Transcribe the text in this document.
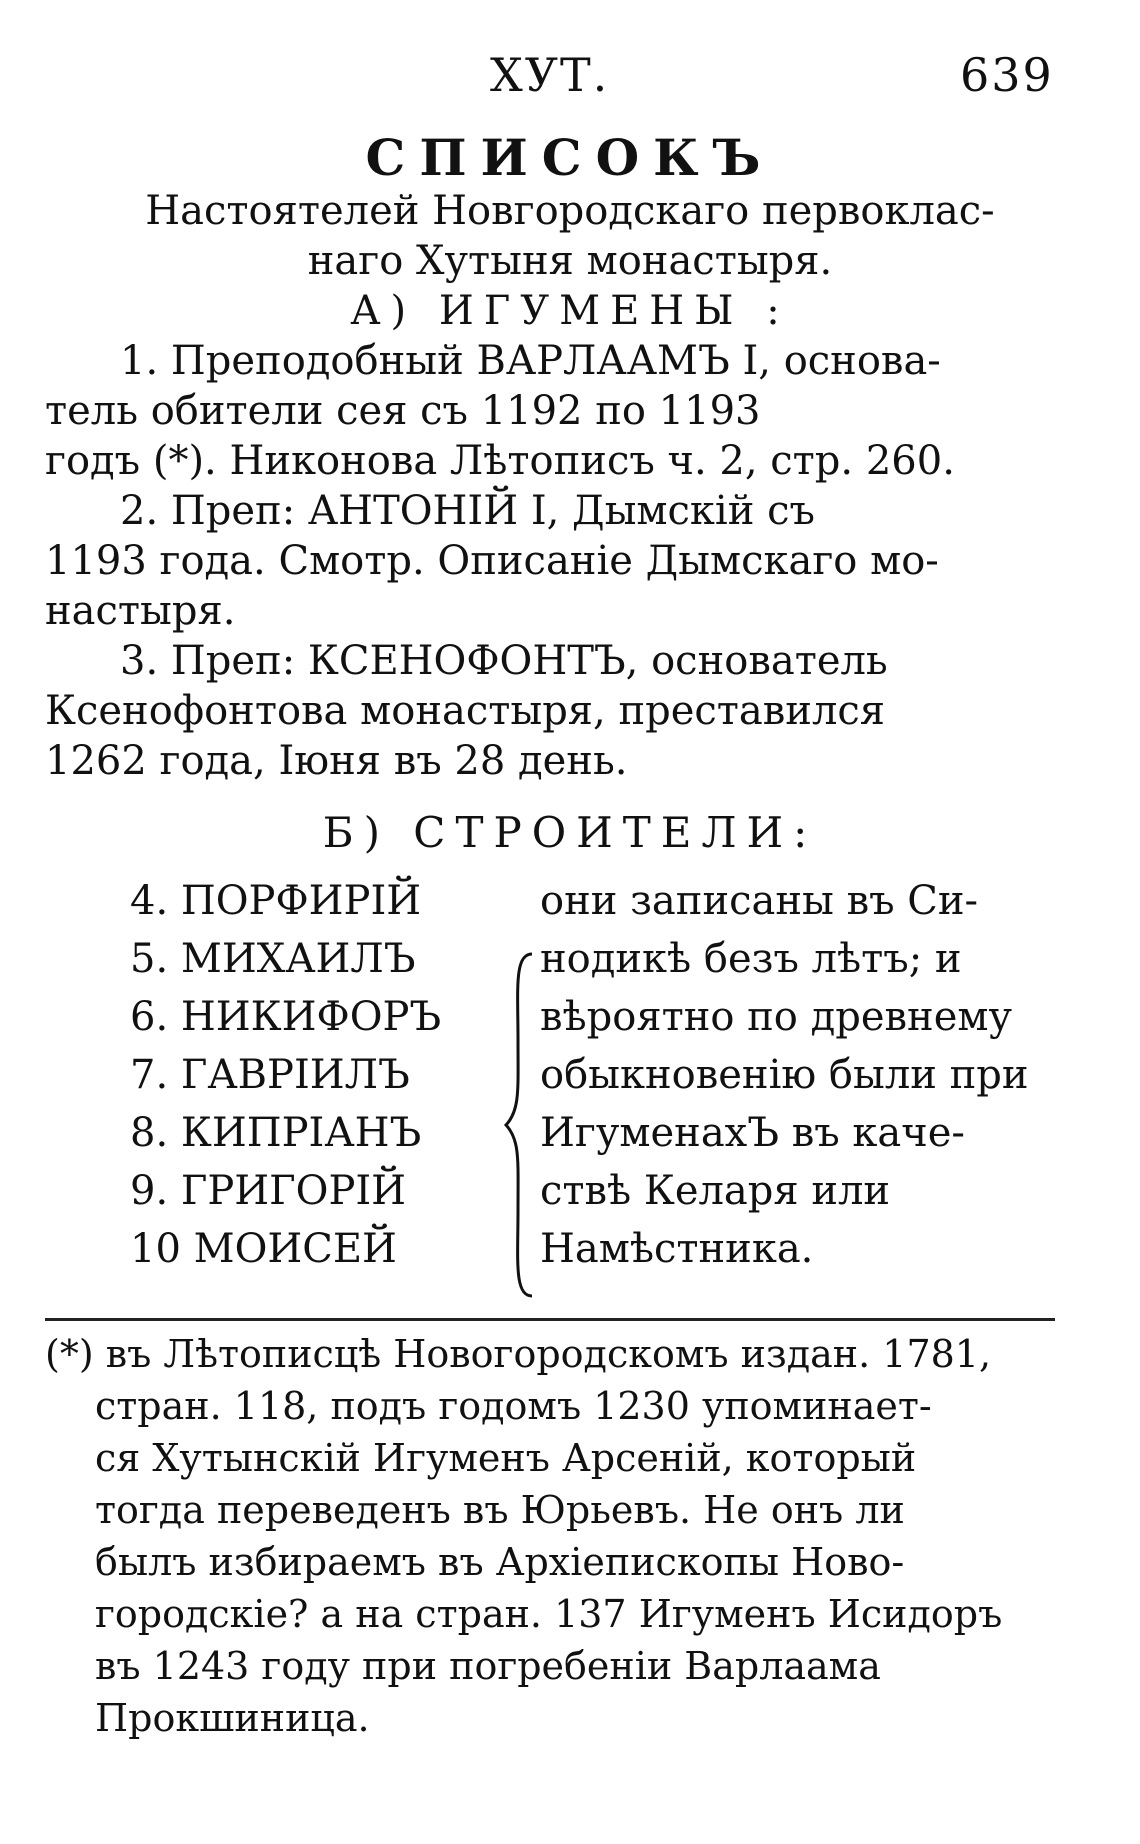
ХУТ.	639
СПИСОКЪ
Настоятелей Новгородскаго первоклас-
наго Хутыня монастыря.
А) ИГУМЕНЫ :
1. Преподобный ВАРЛААМЪ I, основа-
тель обители сея съ 1192 по 1193
годъ (*). Никонова Лѣтописъ ч. 2, стр. 260.
2. Преп: АНТОНІЙ I, Дымскій съ
1193 года. Смотр. Описаніе Дымскаго мо-
настыря.
3. Преп: КСЕНОФОНТЪ, основатель
Ксенофонтова монастыря, преставился
1262 года, Іюня въ 28 день.
Б) СТРОИТЕЛИ:
4. ПОРФИРІЙ	они записаны въ Си-
5. МИХАИЛЪ	нодикѣ безъ лѣтъ; и
6. НИКИФОРЪ	вѣроятно по древнему
7. ГАВРІИЛЪ	обыкновенію были при
8. КИПРІАНЪ	ИгуменахЪ въ каче-
9. ГРИГОРІЙ	ствѣ Келаря или
10 МОИСЕЙ	Намѣстника.
(*) въ Лѣтописцѣ Новогородскомъ издан. 1781,
стран. 118, подъ годомъ 1230 упоминает-
ся Хутынскій Игуменъ Арсеній, который
тогда переведенъ въ Юрьевъ. Не онъ ли
былъ избираемъ въ Архіепископы Ново-
городскіе? а на стран. 137 Игуменъ Исидоръ
въ 1243 году при погребеніи Варлаама
Прокшиница.
